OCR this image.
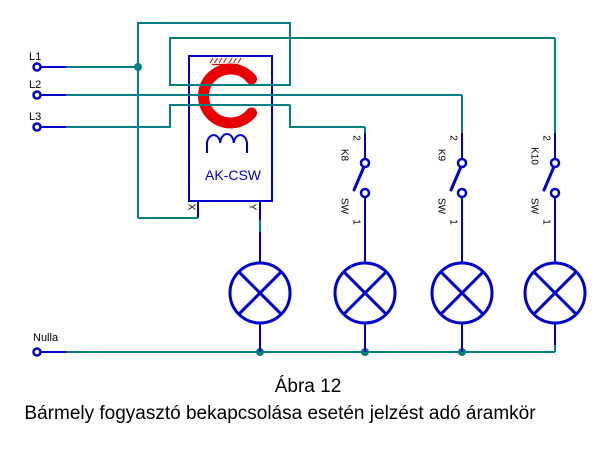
AK-CSW
X	Y
L1
L2
L3
Nulla
2
K8
SW
1
2
K9
SW
1
2
K10
SW
1
Ábra 12
Bármely fogyasztó bekapcsolása esetén jelzést adó áramkör
